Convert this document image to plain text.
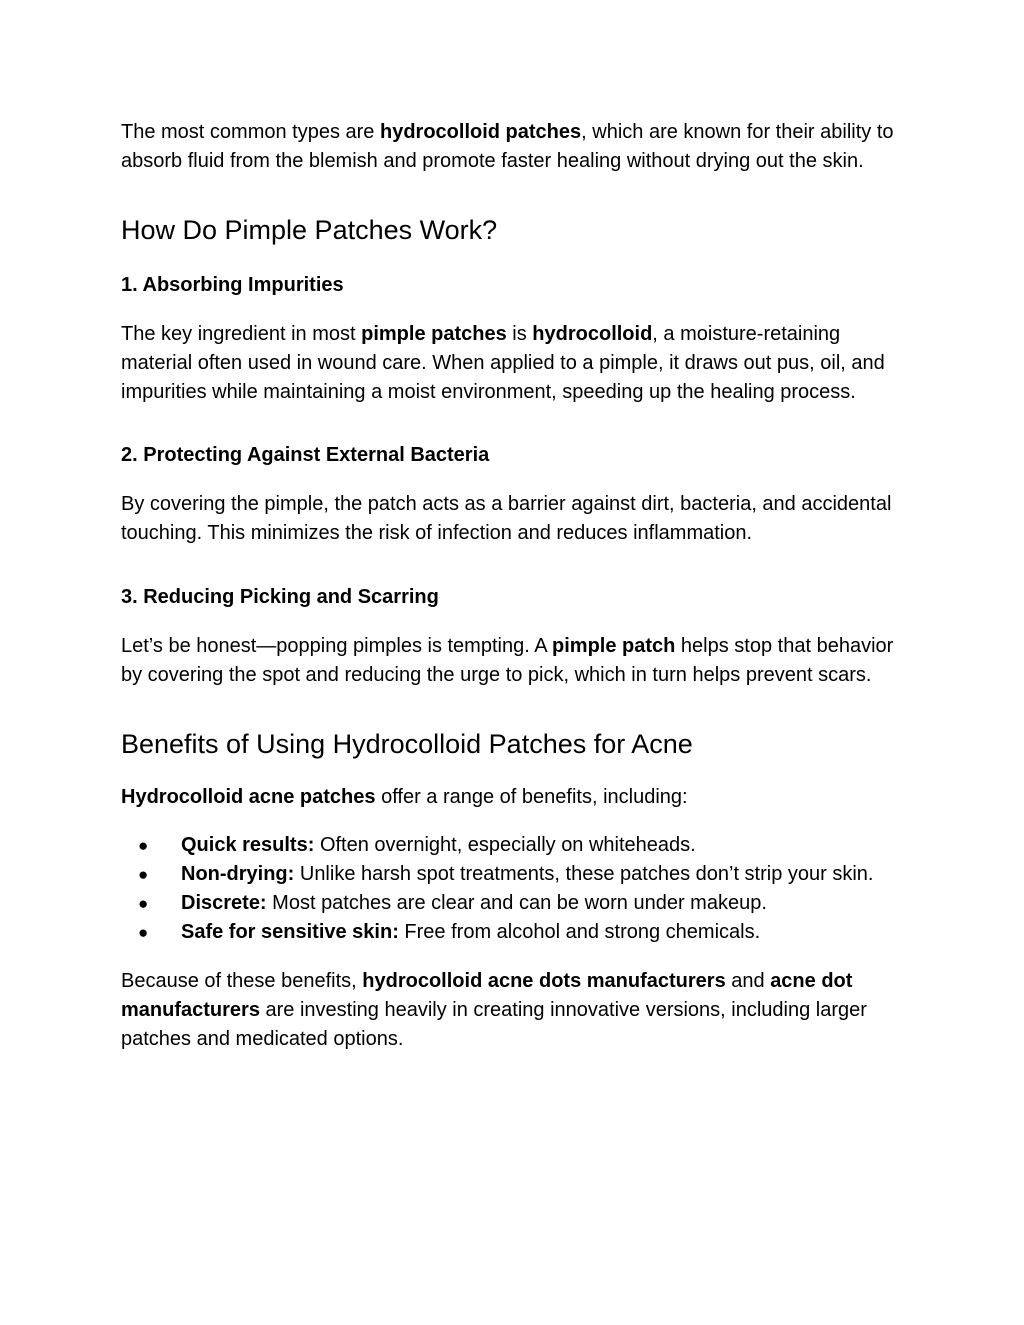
The most common types are hydrocolloid patches, which are known for their ability to absorb fluid from the blemish and promote faster healing without drying out the skin.

How Do Pimple Patches Work?
1. Absorbing Impurities

The key ingredient in most pimple patches is hydrocolloid, a moisture-retaining material often used in wound care. When applied to a pimple, it draws out pus, oil, and impurities while maintaining a moist environment, speeding up the healing process.

2. Protecting Against External Bacteria

By covering the pimple, the patch acts as a barrier against dirt, bacteria, and accidental touching. This minimizes the risk of infection and reduces inflammation.

3. Reducing Picking and Scarring

Let’s be honest—popping pimples is tempting. A pimple patch helps stop that behavior by covering the spot and reducing the urge to pick, which in turn helps prevent scars.

Benefits of Using Hydrocolloid Patches for Acne

Hydrocolloid acne patches offer a range of benefits, including:

● Quick results: Often overnight, especially on whiteheads.
● Non-drying: Unlike harsh spot treatments, these patches don’t strip your skin.
● Discrete: Most patches are clear and can be worn under makeup.
● Safe for sensitive skin: Free from alcohol and strong chemicals.

Because of these benefits, hydrocolloid acne dots manufacturers and acne dot manufacturers are investing heavily in creating innovative versions, including larger patches and medicated options.
